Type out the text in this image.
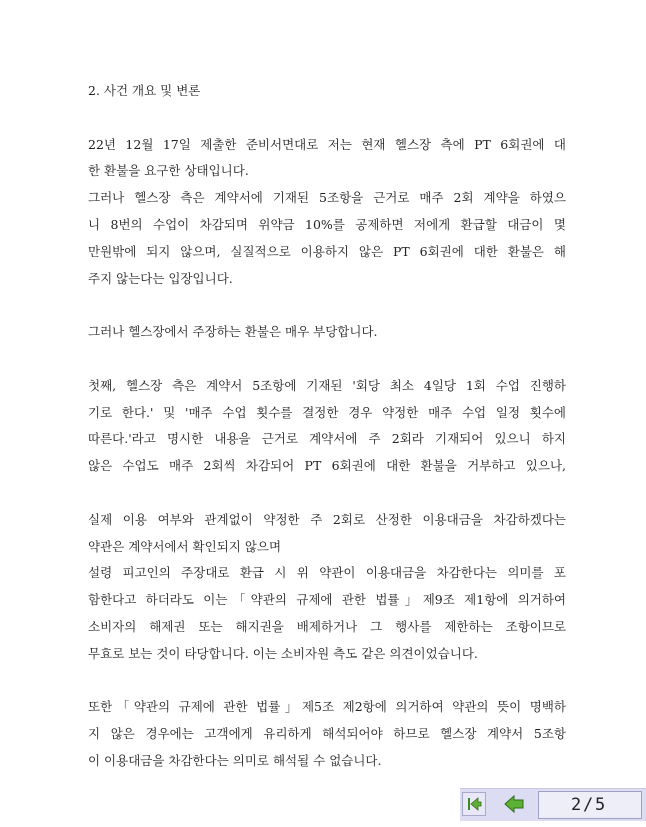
2. 사건 개요 및 변론
22년 12월 17일 제출한 준비서면대로 저는 현재 헬스장 측에 PT 6회권에 대
한 환불을 요구한 상태입니다.
그러나 헬스장 측은 계약서에 기재된 5조항을 근거로 매주 2회 계약을 하였으
니 8번의 수업이 차감되며 위약금 10%를 공제하면 저에게 환급할 대금이 몇
만원밖에 되지 않으며, 실질적으로 이용하지 않은 PT 6회권에 대한 환불은 해
주지 않는다는 입장입니다.
그러나 헬스장에서 주장하는 환불은 매우 부당합니다.
첫째, 헬스장 측은 계약서 5조항에 기재된 '회당 최소 4일당 1회 수업 진행하
기로 한다.' 및 '매주 수업 횟수를 결정한 경우 약정한 매주 수업 일정 횟수에
따른다.'라고 명시한 내용을 근거로 계약서에 주 2회라 기재되어 있으니 하지
않은 수업도 매주 2회씩 차감되어 PT 6회권에 대한 환불을 거부하고 있으나,
실제 이용 여부와 관계없이 약정한 주 2회로 산정한 이용대금을 차감하겠다는
약관은 계약서에서 확인되지 않으며
설령 피고인의 주장대로 환급 시 위 약관이 이용대금을 차감한다는 의미를 포
함한다고 하더라도 이는「약관의 규제에 관한 법률」제9조 제1항에 의거하여
소비자의 해제권 또는 해지권을 배제하거나 그 행사를 제한하는 조항이므로
무효로 보는 것이 타당합니다. 이는 소비자원 측도 같은 의견이었습니다.
또한「약관의 규제에 관한 법률」제5조 제2항에 의거하여 약관의 뜻이 명백하
지 않은 경우에는 고객에게 유리하게 해석되어야 하므로 헬스장 계약서 5조항
이 이용대금을 차감한다는 의미로 해석될 수 없습니다.
2 / 5
